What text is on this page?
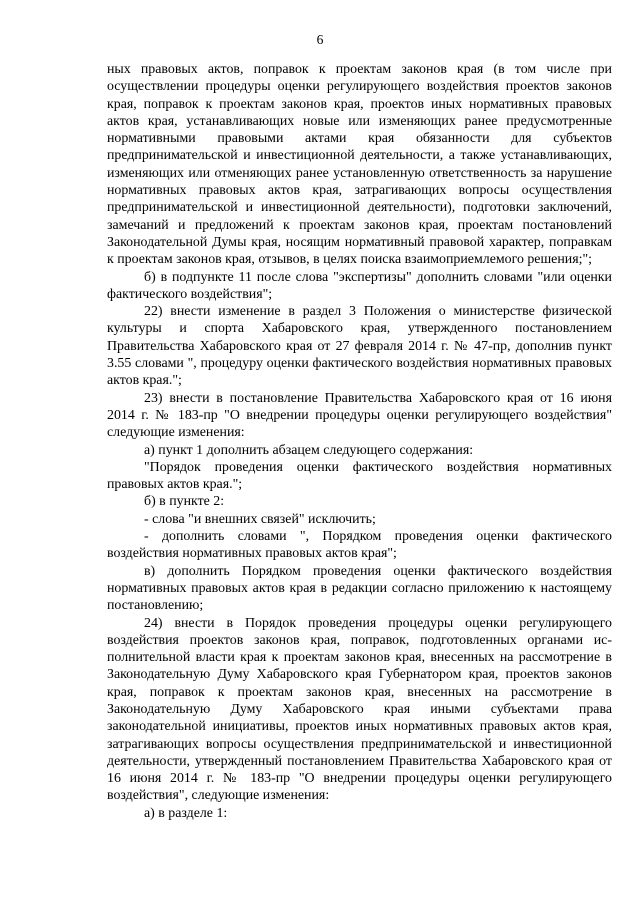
6

ных правовых актов, поправок к проектам законов края (в том числе при осуществлении процедуры оценки регулирующего воздействия проектов законов края, поправок к проектам законов края, проектов иных нормативных правовых актов края, устанавливающих новые или изменяющих ранее предусмотренные нормативными правовыми актами края обязанности для субъектов предпринимательской и инвестиционной деятельности, а также устанавливающих, изменяющих или отменяющих ранее установленную ответственность за нарушение нормативных правовых актов края, затрагивающих вопросы осуществления предпринимательской и инвестиционной деятельности), подготовки заключений, замечаний и предложений к проектам законов края, проектам постановлений Законодательной Думы края, носящим нормативный правовой характер, поправкам к проектам законов края, отзывов, в целях поиска взаимоприемлемого решения;";

б) в подпункте 11 после слова "экспертизы" дополнить словами "или оценки фактического воздействия";

22) внести изменение в раздел 3 Положения о министерстве физической культуры и спорта Хабаровского края, утвержденного постановлением Правительства Хабаровского края от 27 февраля 2014 г. № 47-пр, дополнив пункт 3.55 словами ", процедуру оценки фактического воздействия нормативных правовых актов края.";

23) внести в постановление Правительства Хабаровского края от 16 июня 2014 г. № 183-пр "О внедрении процедуры оценки регулирующего воздействия" следующие изменения:

а) пункт 1 дополнить абзацем следующего содержания:

"Порядок проведения оценки фактического воздействия нормативных правовых актов края.";

б) в пункте 2:

- слова "и внешних связей" исключить;

- дополнить словами ", Порядком проведения оценки фактического воздействия нормативных правовых актов края";

в) дополнить Порядком проведения оценки фактического воздействия нормативных правовых актов края в редакции согласно приложению к настоящему постановлению;

24) внести в Порядок проведения процедуры оценки регулирующего воздействия проектов законов края, поправок, подготовленных органами исполнительной власти края к проектам законов края, внесенных на рассмотрение в Законодательную Думу Хабаровского края Губернатором края, проектов законов края, поправок к проектам законов края, внесенных на рассмотрение в Законодательную Думу Хабаровского края иными субъектами права законодательной инициативы, проектов иных нормативных правовых актов края, затрагивающих вопросы осуществления предпринимательской и инвестиционной деятельности, утвержденный постановлением Правительства Хабаровского края от 16 июня 2014 г. № 183-пр "О внедрении процедуры оценки регулирующего воздействия", следующие изменения:

а) в разделе 1:
